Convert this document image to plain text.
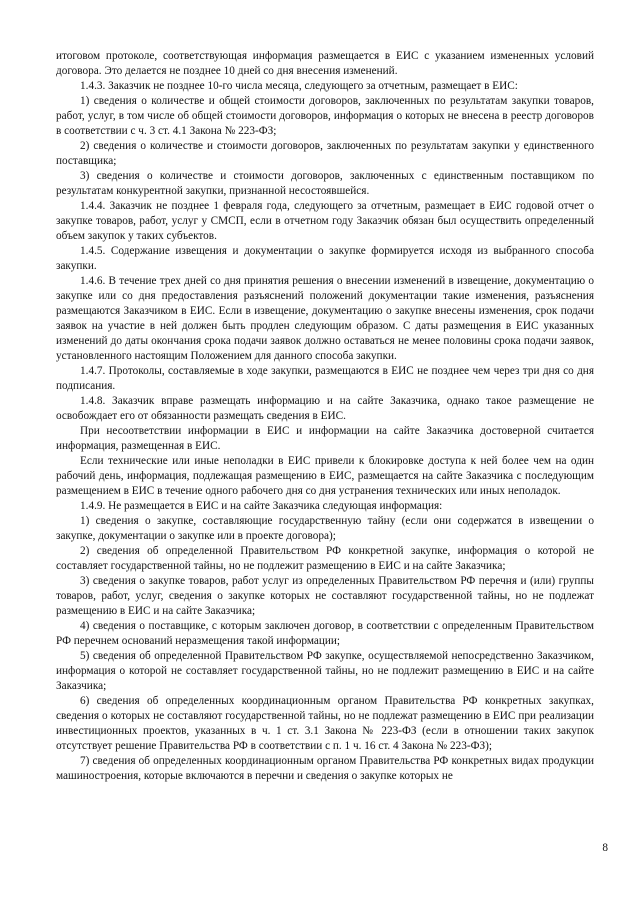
итоговом протоколе, соответствующая информация размещается в ЕИС с указанием измененных условий договора. Это делается не позднее 10 дней со дня внесения изменений.

1.4.3. Заказчик не позднее 10-го числа месяца, следующего за отчетным, размещает в ЕИС:

1) сведения о количестве и общей стоимости договоров, заключенных по результатам закупки товаров, работ, услуг, в том числе об общей стоимости договоров, информация о которых не внесена в реестр договоров в соответствии с ч. 3 ст. 4.1 Закона № 223-ФЗ;

2) сведения о количестве и стоимости договоров, заключенных по результатам закупки у единственного поставщика;

3) сведения о количестве и стоимости договоров, заключенных с единственным поставщиком по результатам конкурентной закупки, признанной несостоявшейся.

1.4.4. Заказчик не позднее 1 февраля года, следующего за отчетным, размещает в ЕИС годовой отчет о закупке товаров, работ, услуг у СМСП, если в отчетном году Заказчик обязан был осуществить определенный объем закупок у таких субъектов.

1.4.5. Содержание извещения и документации о закупке формируется исходя из выбранного способа закупки.

1.4.6. В течение трех дней со дня принятия решения о внесении изменений в извещение, документацию о закупке или со дня предоставления разъяснений положений документации такие изменения, разъяснения размещаются Заказчиком в ЕИС. Если в извещение, документацию о закупке внесены изменения, срок подачи заявок на участие в ней должен быть продлен следующим образом. С даты размещения в ЕИС указанных изменений до даты окончания срока подачи заявок должно оставаться не менее половины срока подачи заявок, установленного настоящим Положением для данного способа закупки.

1.4.7. Протоколы, составляемые в ходе закупки, размещаются в ЕИС не позднее чем через три дня со дня подписания.

1.4.8. Заказчик вправе размещать информацию и на сайте Заказчика, однако такое размещение не освобождает его от обязанности размещать сведения в ЕИС.

При несоответствии информации в ЕИС и информации на сайте Заказчика достоверной считается информация, размещенная в ЕИС.

Если технические или иные неполадки в ЕИС привели к блокировке доступа к ней более чем на один рабочий день, информация, подлежащая размещению в ЕИС, размещается на сайте Заказчика с последующим размещением в ЕИС в течение одного рабочего дня со дня устранения технических или иных неполадок.

1.4.9. Не размещается в ЕИС и на сайте Заказчика следующая информация:

1) сведения о закупке, составляющие государственную тайну (если они содержатся в извещении о закупке, документации о закупке или в проекте договора);

2) сведения об определенной Правительством РФ конкретной закупке, информация о которой не составляет государственной тайны, но не подлежит размещению в ЕИС и на сайте Заказчика;

3) сведения о закупке товаров, работ услуг из определенных Правительством РФ перечня и (или) группы товаров, работ, услуг, сведения о закупке которых не составляют государственной тайны, но не подлежат размещению в ЕИС и на сайте Заказчика;

4) сведения о поставщике, с которым заключен договор, в соответствии с определенным Правительством РФ перечнем оснований неразмещения такой информации;

5) сведения об определенной Правительством РФ закупке, осуществляемой непосредственно Заказчиком, информация о которой не составляет государственной тайны, но не подлежит размещению в ЕИС и на сайте Заказчика;

6) сведения об определенных координационным органом Правительства РФ конкретных закупках, сведения о которых не составляют государственной тайны, но не подлежат размещению в ЕИС при реализации инвестиционных проектов, указанных в ч. 1 ст. 3.1 Закона № 223-ФЗ (если в отношении таких закупок отсутствует решение Правительства РФ в соответствии с п. 1 ч. 16 ст. 4 Закона № 223-ФЗ);

7) сведения об определенных координационным органом Правительства РФ конкретных видах продукции машиностроения, которые включаются в перечни и сведения о закупке которых не

8
